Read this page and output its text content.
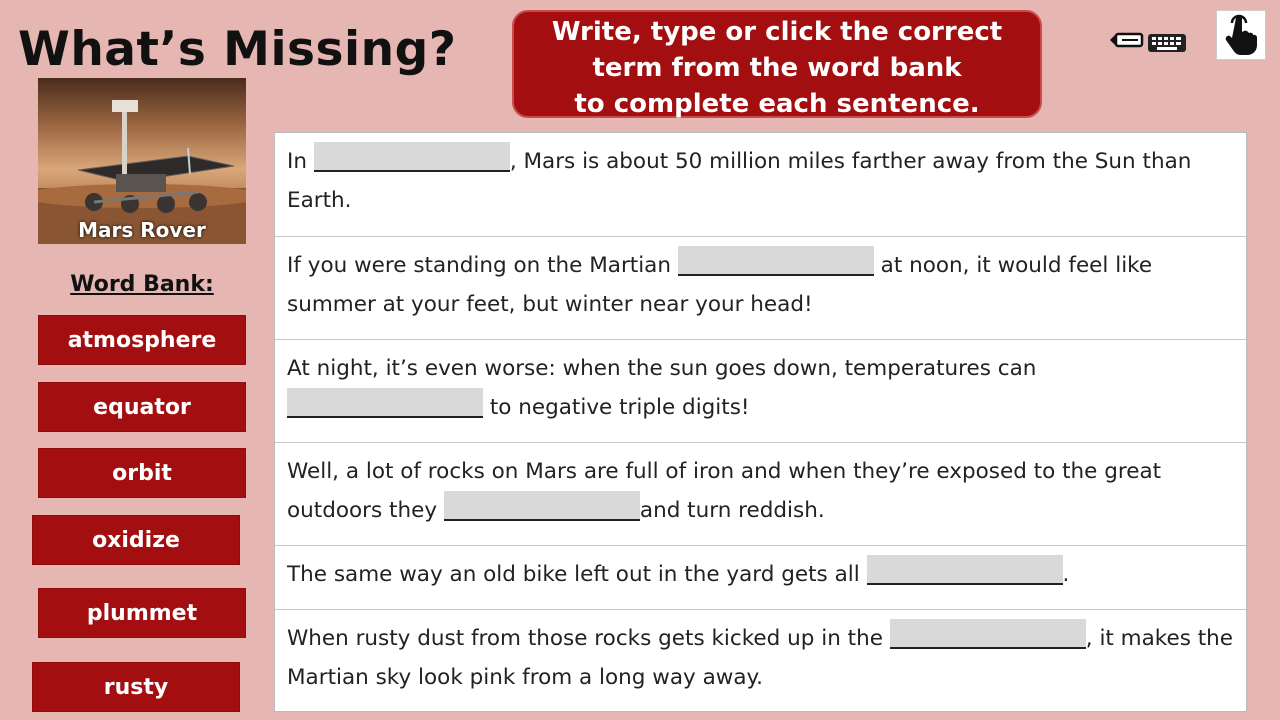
What’s Missing?	Write, type or click the correct
term from the word bank
to complete each sentence.
Mars Rover
Word Bank:
atmosphere
equator
orbit
oxidize
plummet
rusty
In	, Mars is about 50 million miles farther away from the Sun than Earth.
If you were standing on the Martian	at noon, it would feel like summer at your feet, but winter near your head!
At night, it’s even worse: when the sun goes down, temperatures can  to negative triple digits!
Well, a lot of rocks on Mars are full of iron and when they’re exposed to the great outdoors they	and turn reddish.
The same way an old bike left out in the yard gets all	.
When rusty dust from those rocks gets kicked up in the	, it makes the Martian sky look pink from a long way away.
